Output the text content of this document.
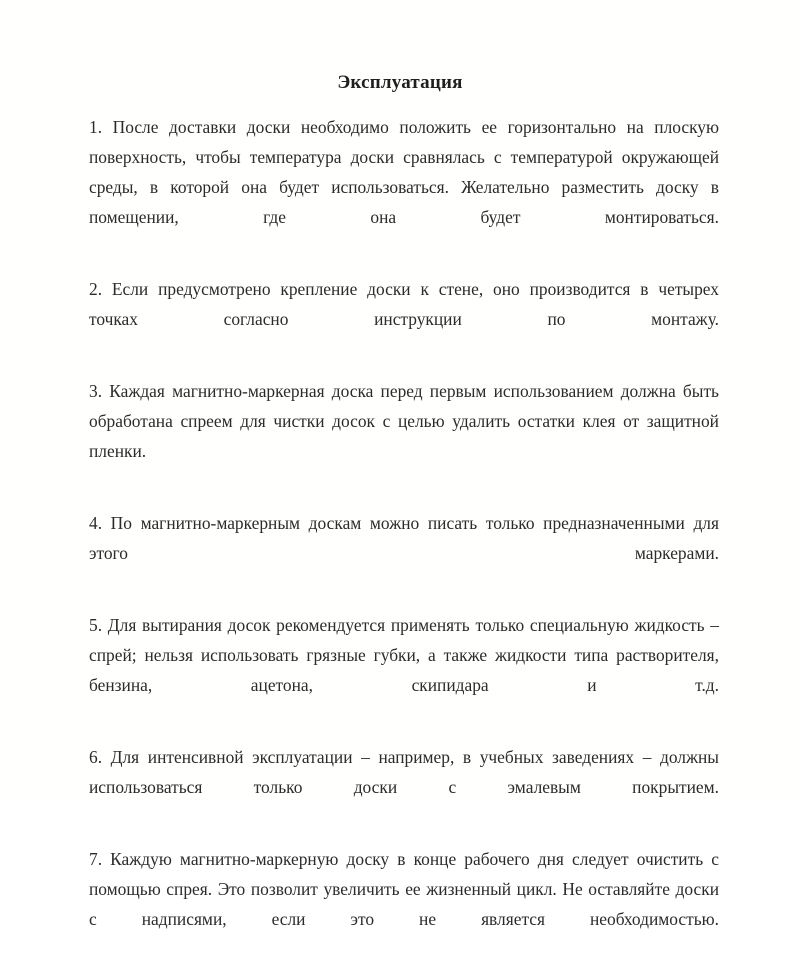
Эксплуатация

1. После доставки доски необходимо положить ее горизонтально на плоскую поверхность, чтобы температура доски сравнялась с температурой окружающей среды, в которой она будет использоваться. Желательно разместить доску в помещении, где она будет монтироваться.

2. Если предусмотрено крепление доски к стене, оно производится в четырех точках согласно инструкции по монтажу.

3. Каждая магнитно-маркерная доска перед первым использованием должна быть обработана спреем для чистки досок с целью удалить остатки клея от защитной пленки.

4. По магнитно-маркерным доскам можно писать только предназначенными для этого маркерами.

5. Для вытирания досок рекомендуется применять только специальную жидкость – спрей; нельзя использовать грязные губки, а также жидкости типа растворителя, бензина, ацетона, скипидара и т.д.

6. Для интенсивной эксплуатации – например, в учебных заведениях – должны использоваться только доски с эмалевым покрытием.

7. Каждую магнитно-маркерную доску в конце рабочего дня следует очистить с помощью спрея. Это позволит увеличить ее жизненный цикл. Не оставляйте доски с надписями, если это не является необходимостью.
